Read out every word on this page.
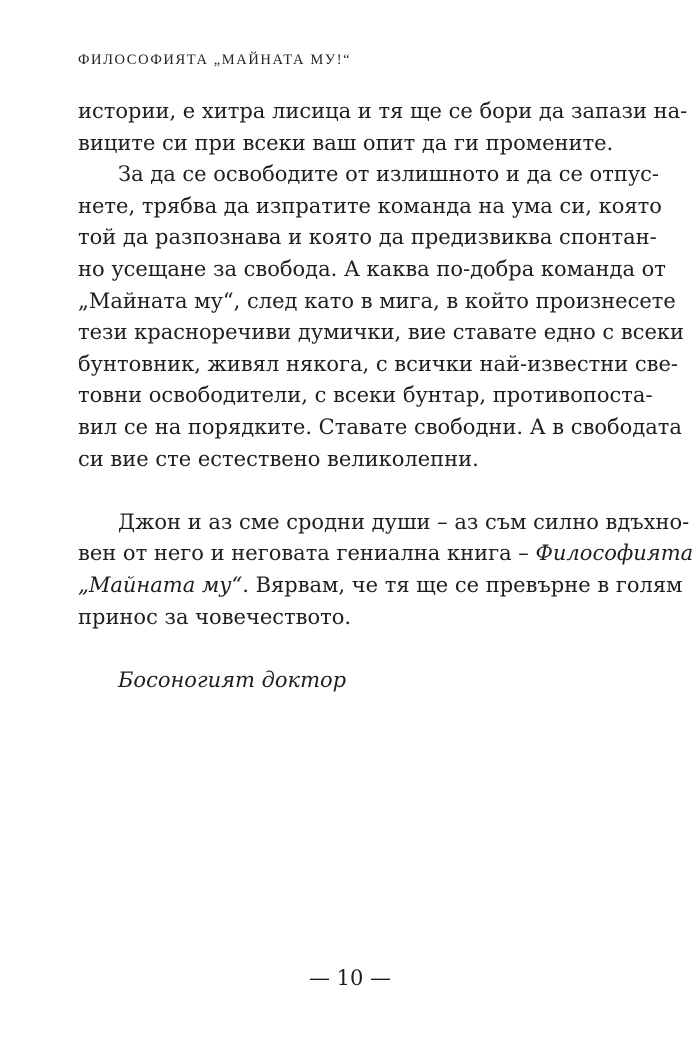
ФИЛОСОФИЯТА „МАЙНАТА МУ!“
истории, е хитра лисица и тя ще се бори да запази на-
виците си при всеки ваш опит да ги промените.
За да се освободите от излишното и да се отпус-
нете, трябва да изпратите команда на ума си, която
той да разпознава и която да предизвиква спонтан-
но усещане за свобода. А каква по-добра команда от
„Майната му“, след като в мига, в който произнесете
тези красноречиви думички, вие ставате едно с всеки
бунтовник, живял някога, с всички най-известни све-
товни освободители, с всеки бунтар, противопоста-
вил се на порядките. Ставате свободни. А в свободата
си вие сте естествено великолепни.
Джон и аз сме сродни души – аз съм силно вдъхно-
вен от него и неговата гениална книга – Философията
„Майната му“. Вярвам, че тя ще се превърне в голям
принос за човечеството.
Босоногият доктор
— 10 —
